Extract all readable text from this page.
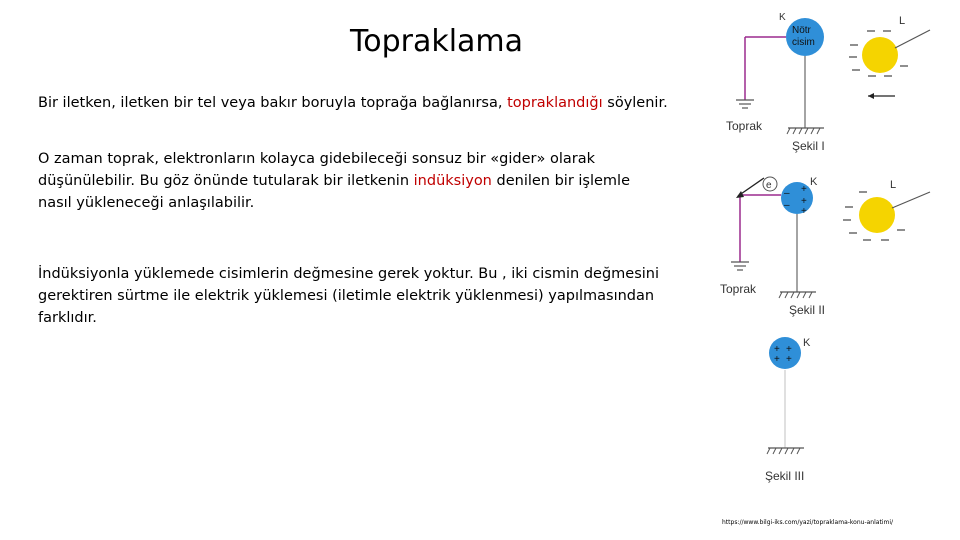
Topraklama
Bir iletken, iletken bir tel veya bakır boruyla toprağa bağlanırsa, topraklandığı söylenir.
O zaman toprak, elektronların kolayca gidebileceği sonsuz bir «gider» olarak düşünülebilir. Bu göz önünde tutularak bir iletkenin indüksiyon denilen bir işlemle nasıl yükleneceği anlaşılabilir.
İndüksiyonla yüklemede cisimlerin değmesine gerek yoktur. Bu , iki cismin değmesini gerektiren sürtme ile elektrik yüklemesi (iletimle elektrik yüklenmesi) yapılmasından farklıdır.
Toprak
Nötr
cisim
K
Şekil I
L
Toprak
–
–
+
+
+
K
e
Şekil II
L
+ +
+ +
K
Şekil III
https://www.bilgi-iks.com/yazi/topraklama-konu-anlatimi/
